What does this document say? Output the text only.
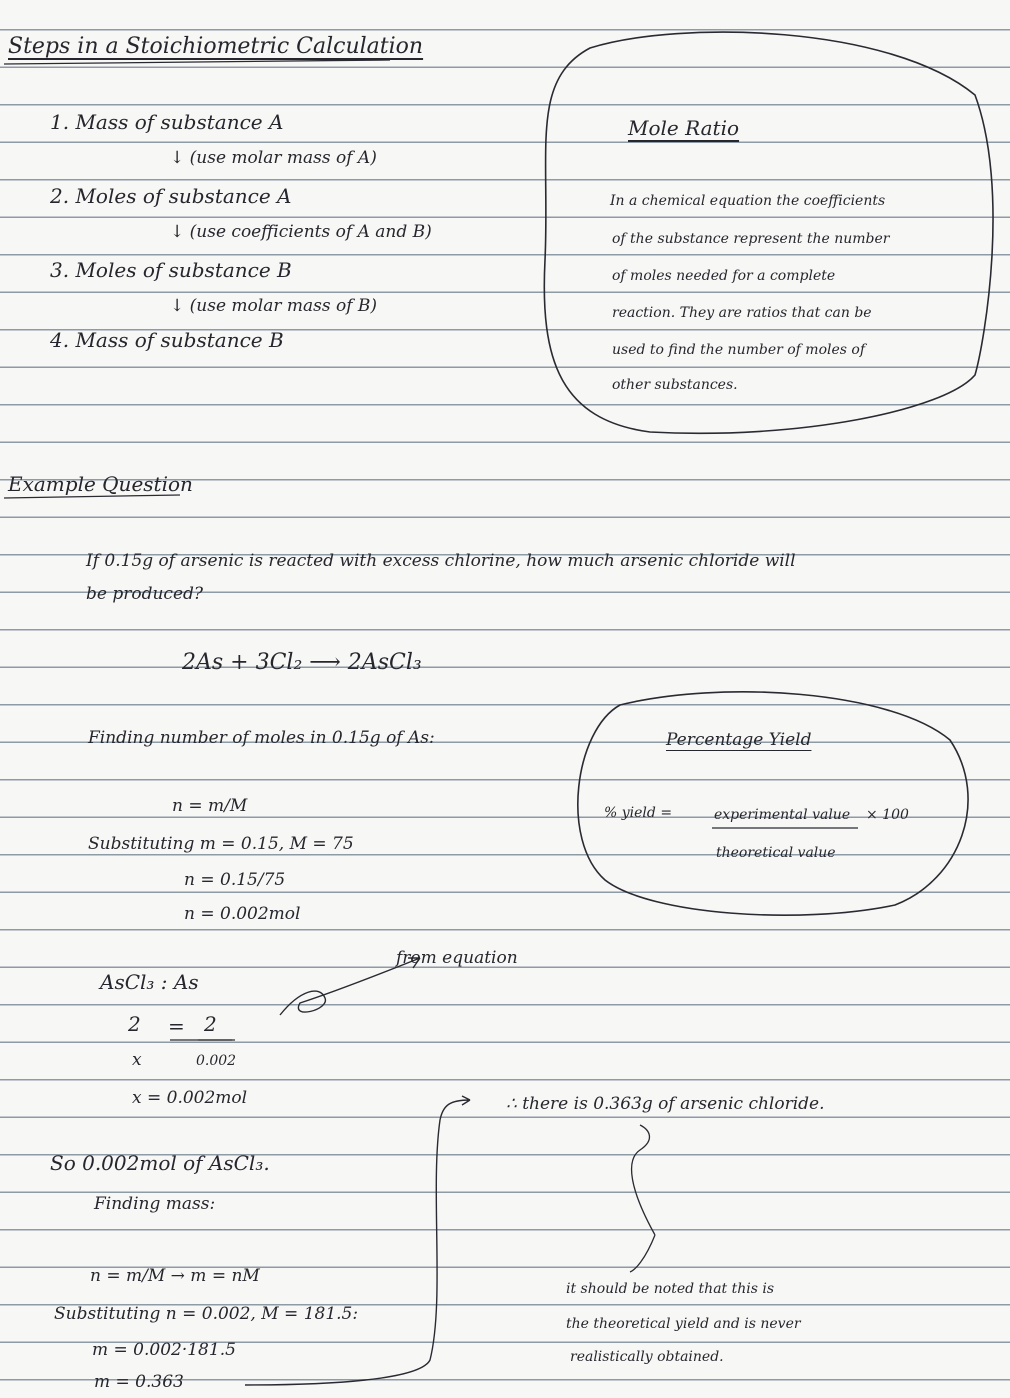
Steps in a Stoichiometric Calculation
1. Mass of substance A
↓ (use molar mass of A)
2. Moles of substance A
↓ (use coefficients of A and B)
3. Moles of substance B
↓ (use molar mass of B)
4. Mass of substance B
Mole Ratio
In a chemical equation the coefficients
of the substance represent the number
of moles needed for a complete
reaction. They are ratios that can be
used to find the number of moles of
other substances.
Example Question
If 0.15g of arsenic is reacted with excess chlorine, how much arsenic chloride will
be produced?
2As + 3Cl₂ ⟶ 2AsCl₃
Finding number of moles in 0.15g of As:
n = m/M
Substituting m = 0.15, M = 75
n = 0.15/75
n = 0.002mol
from equation
AsCl₃ : As
2 = 2
x	0.002
x = 0.002mol
So 0.002mol of AsCl₃.
Finding mass:
n = m/M → m = nM
Substituting n = 0.002, M = 181.5:
m = 0.002·181.5
m = 0.363
∴ there is 0.363g of arsenic chloride.
it should be noted that this is
the theoretical yield and is never
realistically obtained.
Percentage Yield
% yield =	experimental value × 100
theoretical value
